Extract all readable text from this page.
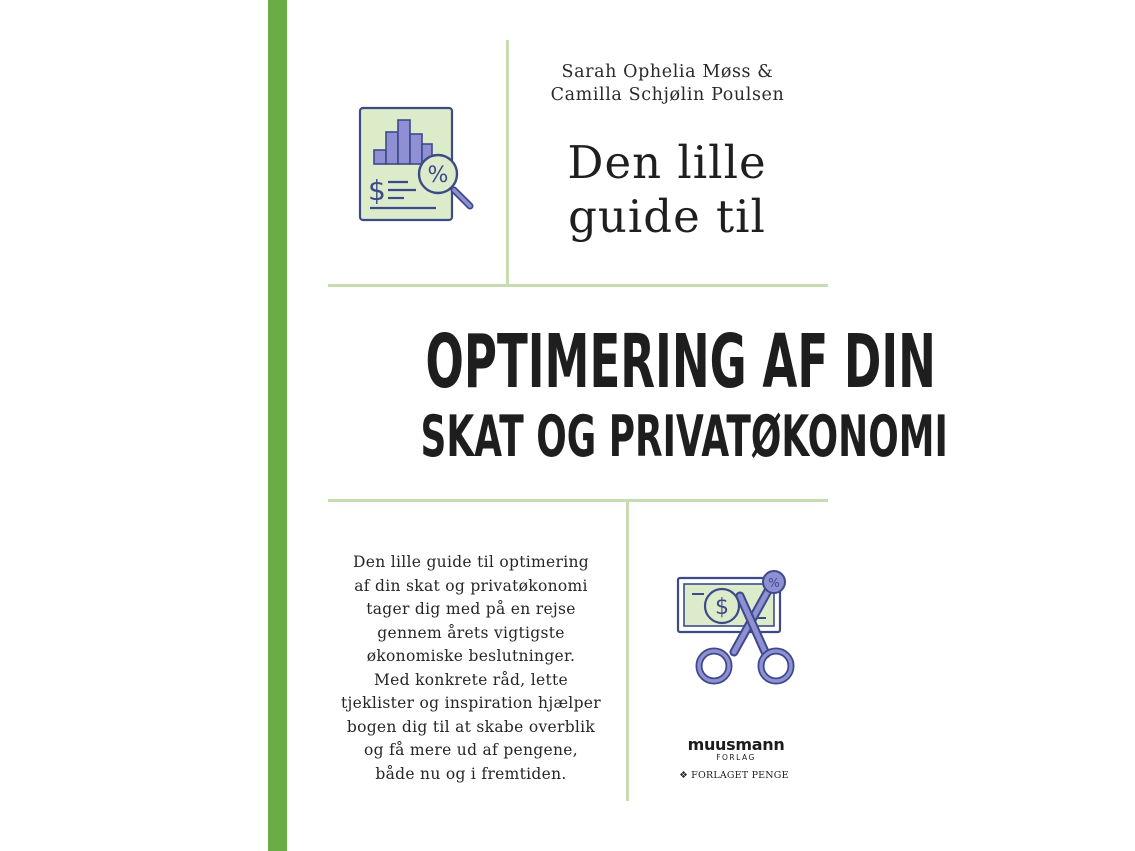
$ %
Sarah Ophelia Møss &
Camilla Schjølin Poulsen
Den lille
guide til
OPTIMERING AF DIN
SKAT OG PRIVATØKONOMI
Den lille guide til optimering
af din skat og privatøkonomi
tager dig med på en rejse
gennem årets vigtigste
økonomiske beslutninger.
Med konkrete råd, lette
tjeklister og inspiration hjælper
bogen dig til at skabe overblik
og få mere ud af pengene,
både nu og i fremtiden.
$
%
muusmann
FORLAG
❖ FORLAGET PENGE
